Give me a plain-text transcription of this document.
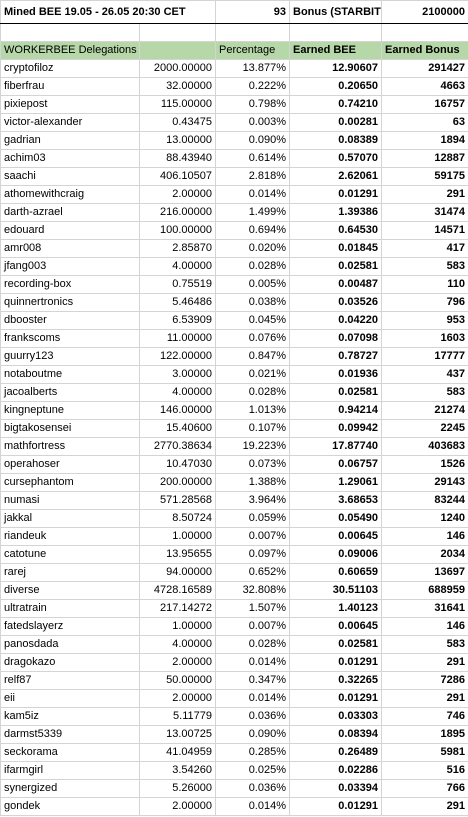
Mined BEE 19.05 - 26.05 20:30 CET		93	Bonus (STARBIT	2100000

WORKERBEE Delegations		Percentage	Earned BEE	Earned Bonus
cryptofiloz	2000.00000	13.877%	12.90607	291427
fiberfrau	32.00000	0.222%	0.20650	4663
pixiepost	115.00000	0.798%	0.74210	16757
victor-alexander	0.43475	0.003%	0.00281	63
gadrian	13.00000	0.090%	0.08389	1894
achim03	88.43940	0.614%	0.57070	12887
saachi	406.10507	2.818%	2.62061	59175
athomewithcraig	2.00000	0.014%	0.01291	291
darth-azrael	216.00000	1.499%	1.39386	31474
edouard	100.00000	0.694%	0.64530	14571
amr008	2.85870	0.020%	0.01845	417
jfang003	4.00000	0.028%	0.02581	583
recording-box	0.75519	0.005%	0.00487	110
quinnertronics	5.46486	0.038%	0.03526	796
dbooster	6.53909	0.045%	0.04220	953
frankscoms	11.00000	0.076%	0.07098	1603
guurry123	122.00000	0.847%	0.78727	17777
notaboutme	3.00000	0.021%	0.01936	437
jacoalberts	4.00000	0.028%	0.02581	583
kingneptune	146.00000	1.013%	0.94214	21274
bigtakosensei	15.40600	0.107%	0.09942	2245
mathfortress	2770.38634	19.223%	17.87740	403683
operahoser	10.47030	0.073%	0.06757	1526
cursephantom	200.00000	1.388%	1.29061	29143
numasi	571.28568	3.964%	3.68653	83244
jakkal	8.50724	0.059%	0.05490	1240
riandeuk	1.00000	0.007%	0.00645	146
catotune	13.95655	0.097%	0.09006	2034
rarej	94.00000	0.652%	0.60659	13697
diverse	4728.16589	32.808%	30.51103	688959
ultratrain	217.14272	1.507%	1.40123	31641
fatedslayerz	1.00000	0.007%	0.00645	146
panosdada	4.00000	0.028%	0.02581	583
dragokazo	2.00000	0.014%	0.01291	291
relf87	50.00000	0.347%	0.32265	7286
eii	2.00000	0.014%	0.01291	291
kam5iz	5.11779	0.036%	0.03303	746
darmst5339	13.00725	0.090%	0.08394	1895
seckorama	41.04959	0.285%	0.26489	5981
ifarmgirl	3.54260	0.025%	0.02286	516
synergized	5.26000	0.036%	0.03394	766
gondek	2.00000	0.014%	0.01291	291
